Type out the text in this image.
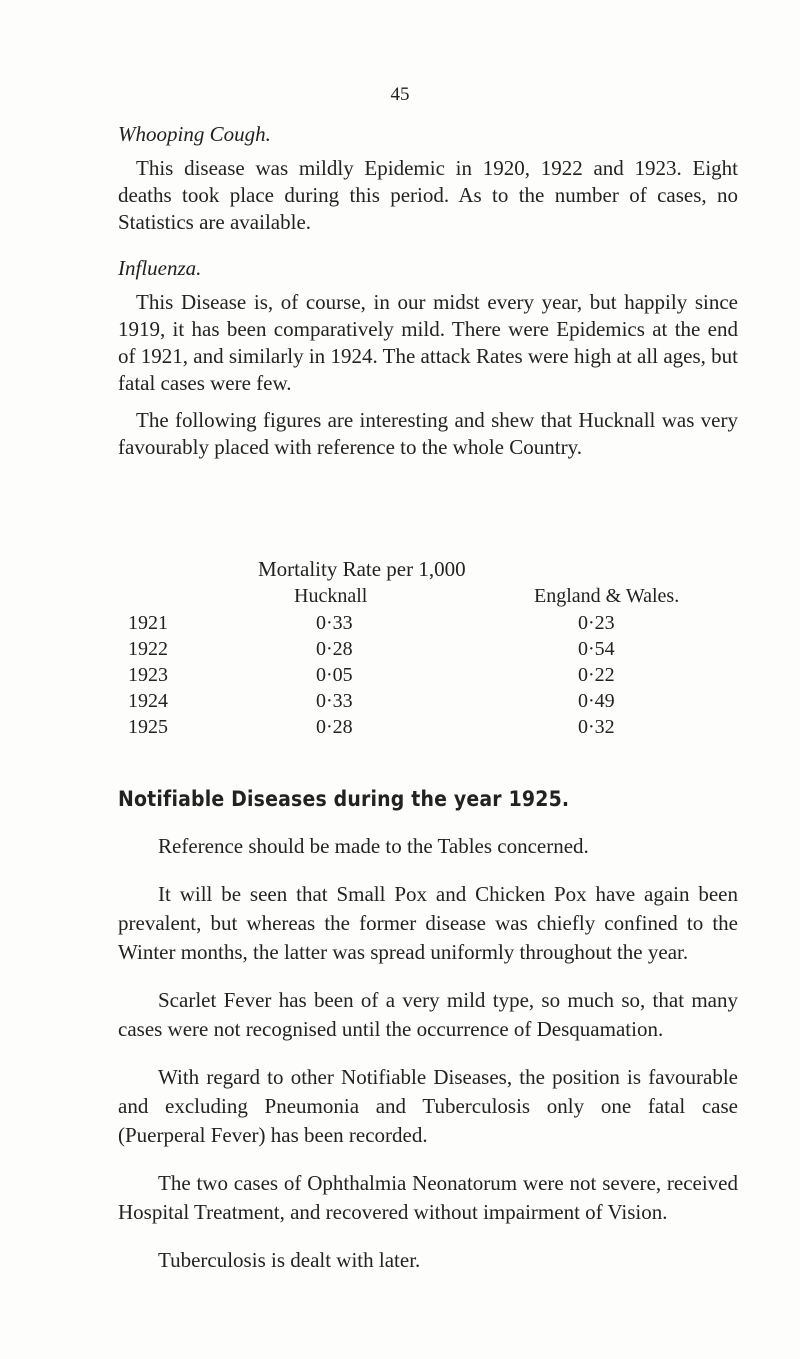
45
Whooping Cough.

This disease was mildly Epidemic in 1920, 1922 and 1923. Eight deaths took place during this period. As to the number of cases, no Statistics are available.

Influenza.

This Disease is, of course, in our midst every year, but happily since 1919, it has been comparatively mild. There were Epidemics at the end of 1921, and similarly in 1924. The attack Rates were high at all ages, but fatal cases were few.

The following figures are interesting and shew that Hucknall was very favourably placed with reference to the whole Country.

Mortality Rate per 1,000
	Hucknall	England & Wales.
1921	0·33	0·23
1922	0·28	0·54
1923	0·05	0·22
1924	0·33	0·49
1925	0·28	0·32
Notifiable Diseases during the year 1925.

Reference should be made to the Tables concerned.

It will be seen that Small Pox and Chicken Pox have again been prevalent, but whereas the former disease was chiefly confined to the Winter months, the latter was spread uniformly throughout the year.

Scarlet Fever has been of a very mild type, so much so, that many cases were not recognised until the occurrence of Desquamation.

With regard to other Notifiable Diseases, the position is favourable and excluding Pneumonia and Tuberculosis only one fatal case (Puerperal Fever) has been recorded.

The two cases of Ophthalmia Neonatorum were not severe, received Hospital Treatment, and recovered without impairment of Vision.

Tuberculosis is dealt with later.
